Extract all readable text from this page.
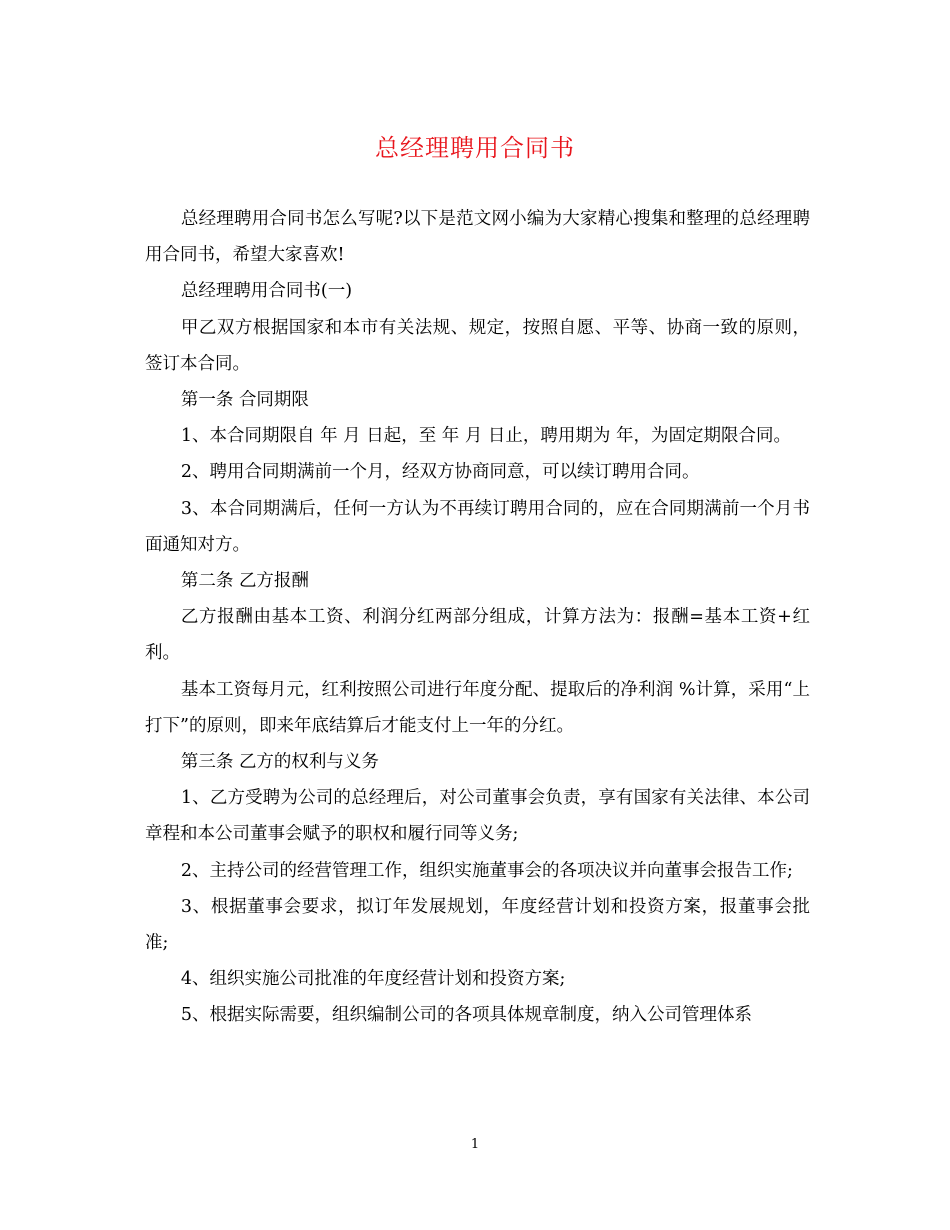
总经理聘用合同书

总经理聘用合同书怎么写呢?以下是范文网小编为大家精心搜集和整理的总经理聘用合同书，希望大家喜欢!

总经理聘用合同书(一)

甲乙双方根据国家和本市有关法规、规定，按照自愿、平等、协商一致的原则，签订本合同。

第一条 合同期限

1、本合同期限自 年 月 日起，至 年 月 日止，聘用期为 年，为固定期限合同。

2、聘用合同期满前一个月，经双方协商同意，可以续订聘用合同。

3、本合同期满后，任何一方认为不再续订聘用合同的，应在合同期满前一个月书面通知对方。

第二条 乙方报酬

乙方报酬由基本工资、利润分红两部分组成，计算方法为：报酬=基本工资+红利。

基本工资每月元，红利按照公司进行年度分配、提取后的净利润 %计算，采用“上打下”的原则，即来年底结算后才能支付上一年的分红。

第三条 乙方的权利与义务

1、乙方受聘为公司的总经理后，对公司董事会负责，享有国家有关法律、本公司章程和本公司董事会赋予的职权和履行同等义务;

2、主持公司的经营管理工作，组织实施董事会的各项决议并向董事会报告工作;

3、根据董事会要求，拟订年发展规划，年度经营计划和投资方案，报董事会批准;

4、组织实施公司批准的年度经营计划和投资方案;

5、根据实际需要，组织编制公司的各项具体规章制度，纳入公司管理体系

1
